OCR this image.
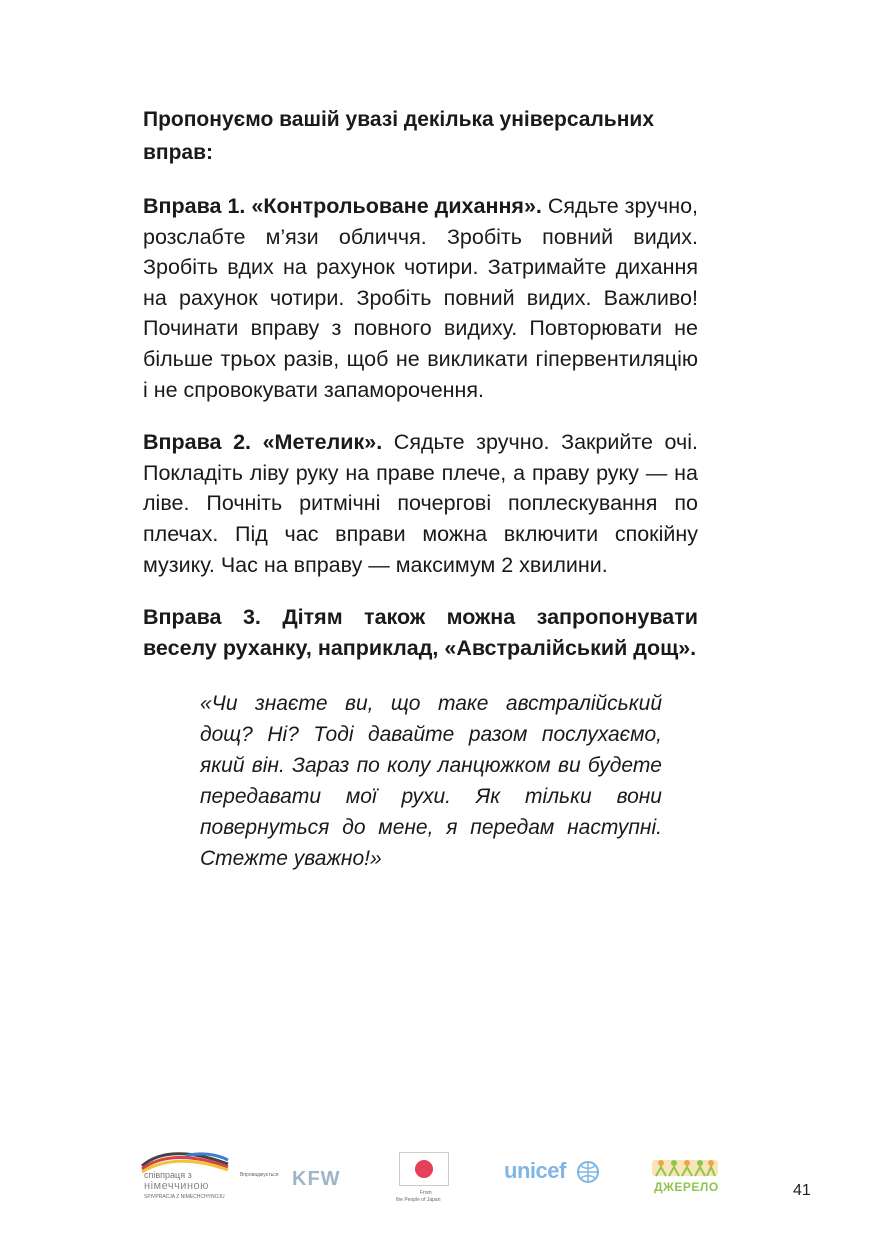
Пропонуємо вашій увазі декілька універсальних вправ:

Вправа 1. «Контрольоване дихання». Сядьте зручно, розслабте м’язи обличчя. Зробіть повний видих. Зробіть вдих на рахунок чотири. Затримайте дихання на рахунок чотири. Зробіть повний видих. Важливо! Починати вправу з повного видиху. Повторювати не більше трьох разів, щоб не викликати гіпервентиляцію і не спровокувати запаморочення.

Вправа 2. «Метелик». Сядьте зручно. Закрийте очі. Покладіть ліву руку на праве плече, а праву руку — на ліве. Почніть ритмічні почергові поплескування по плечах. Під час вправи можна включити спокійну музику. Час на вправу — максимум 2 хвилини.

Вправа 3. Дітям також можна запропонувати веселу руханку, наприклад, «Австралійський дощ».

«Чи знаєте ви, що таке австралійський дощ? Ні? Тоді давайте разом послухаємо, який він. Зараз по колу ланцюжком ви будете передавати мої рухи. Як тільки вони повернуться до мене, я передам наступні. Стежте уважно!»

співпраця з
німеччиною
SPIVPRACJA Z NIMECHCHYNOJU
Впроваджується KFW
From
the People of Japan
unicef
ДЖЕРЕЛО	41
